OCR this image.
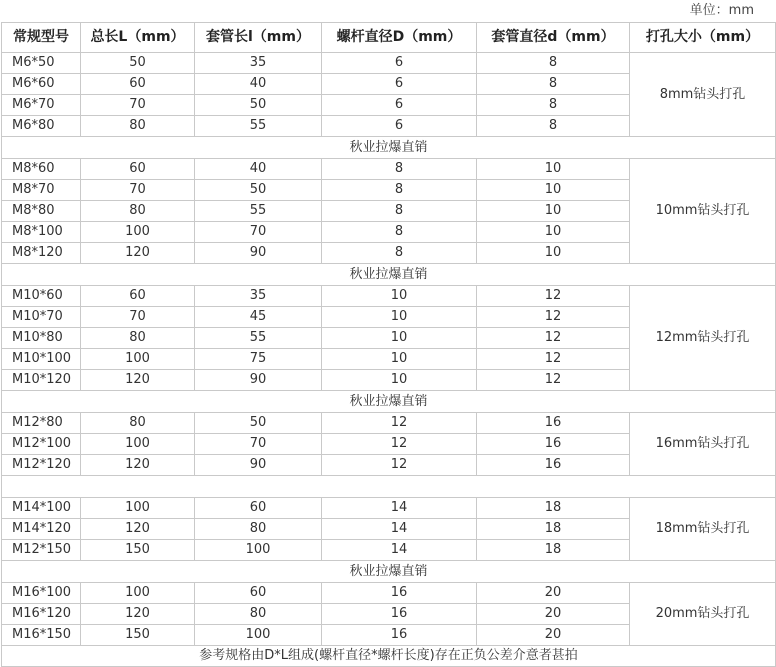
单位：mm
常规型号	总长L（mm）	套管长l（mm）	螺杆直径D（mm）	套管直径d（mm）	打孔大小（mm）
M6*50	50	35	6	8	8mm钻头打孔
M6*60	60	40	6	8	
M6*70	70	50	6	8	
M6*80	80	55	6	8	
秋业拉爆直销					
M8*60	60	40	8	10	10mm钻头打孔
M8*70	70	50	8	10	
M8*80	80	55	8	10	
M8*100	100	70	8	10	
M8*120	120	90	8	10	
秋业拉爆直销					
M10*60	60	35	10	12	12mm钻头打孔
M10*70	70	45	10	12	
M10*80	80	55	10	12	
M10*100	100	75	10	12	
M10*120	120	90	10	12	
秋业拉爆直销					
M12*80	80	50	12	16	16mm钻头打孔
M12*100	100	70	12	16	
M12*120	120	90	12	16	

M14*100	100	60	14	18	18mm钻头打孔
M14*120	120	80	14	18	
M12*150	150	100	14	18	
秋业拉爆直销					
M16*100	100	60	16	20	20mm钻头打孔
M16*120	120	80	16	20	
M16*150	150	100	16	20	
参考规格由D*L组成(螺杆直径*螺杆长度)存在正负公差介意者甚拍					
